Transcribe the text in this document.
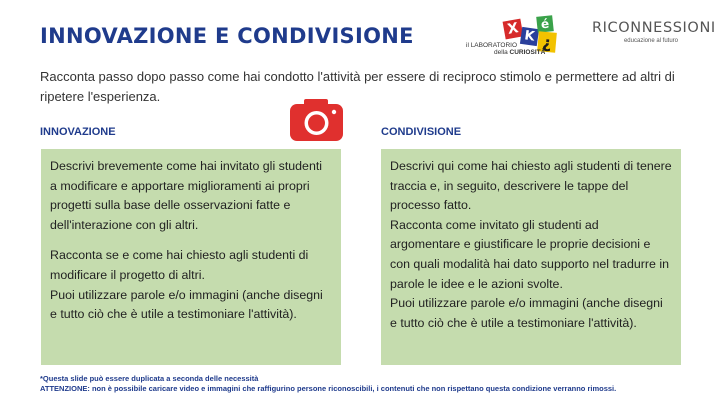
INNOVAZIONE E CONDIVISIONE	X K
é
¿
il LABORATORIO
della CURIOSITÀ
RICONNESSIONI
educazione al futuro
Racconta passo dopo passo come hai condotto l'attività per essere di reciproco stimolo e permettere ad altri di ripetere l'esperienza.
INNOVAZIONE	CONDIVISIONE

Descrivi brevemente come hai invitato gli studenti a modificare e apportare miglioramenti ai propri progetti sulla base delle osservazioni fatte e dell'interazione con gli altri.

Racconta se e come hai chiesto agli studenti di modificare il progetto di altri.

Puoi utilizzare parole e/o immagini (anche disegni e tutto ciò che è utile a testimoniare l'attività).

Descrivi qui come hai chiesto agli studenti di tenere traccia e, in seguito, descrivere le tappe del processo fatto.

Racconta come invitato gli studenti ad argomentare e giustificare le proprie decisioni e con quali modalità hai dato supporto nel tradurre in parole le idee e le azioni svolte.

Puoi utilizzare parole e/o immagini (anche disegni e tutto ciò che è utile a testimoniare l'attività).

*Questa slide può essere duplicata a seconda delle necessità
ATTENZIONE: non è possibile caricare video e immagini che raffigurino persone riconoscibili, i contenuti che non rispettano questa condizione verranno rimossi.
